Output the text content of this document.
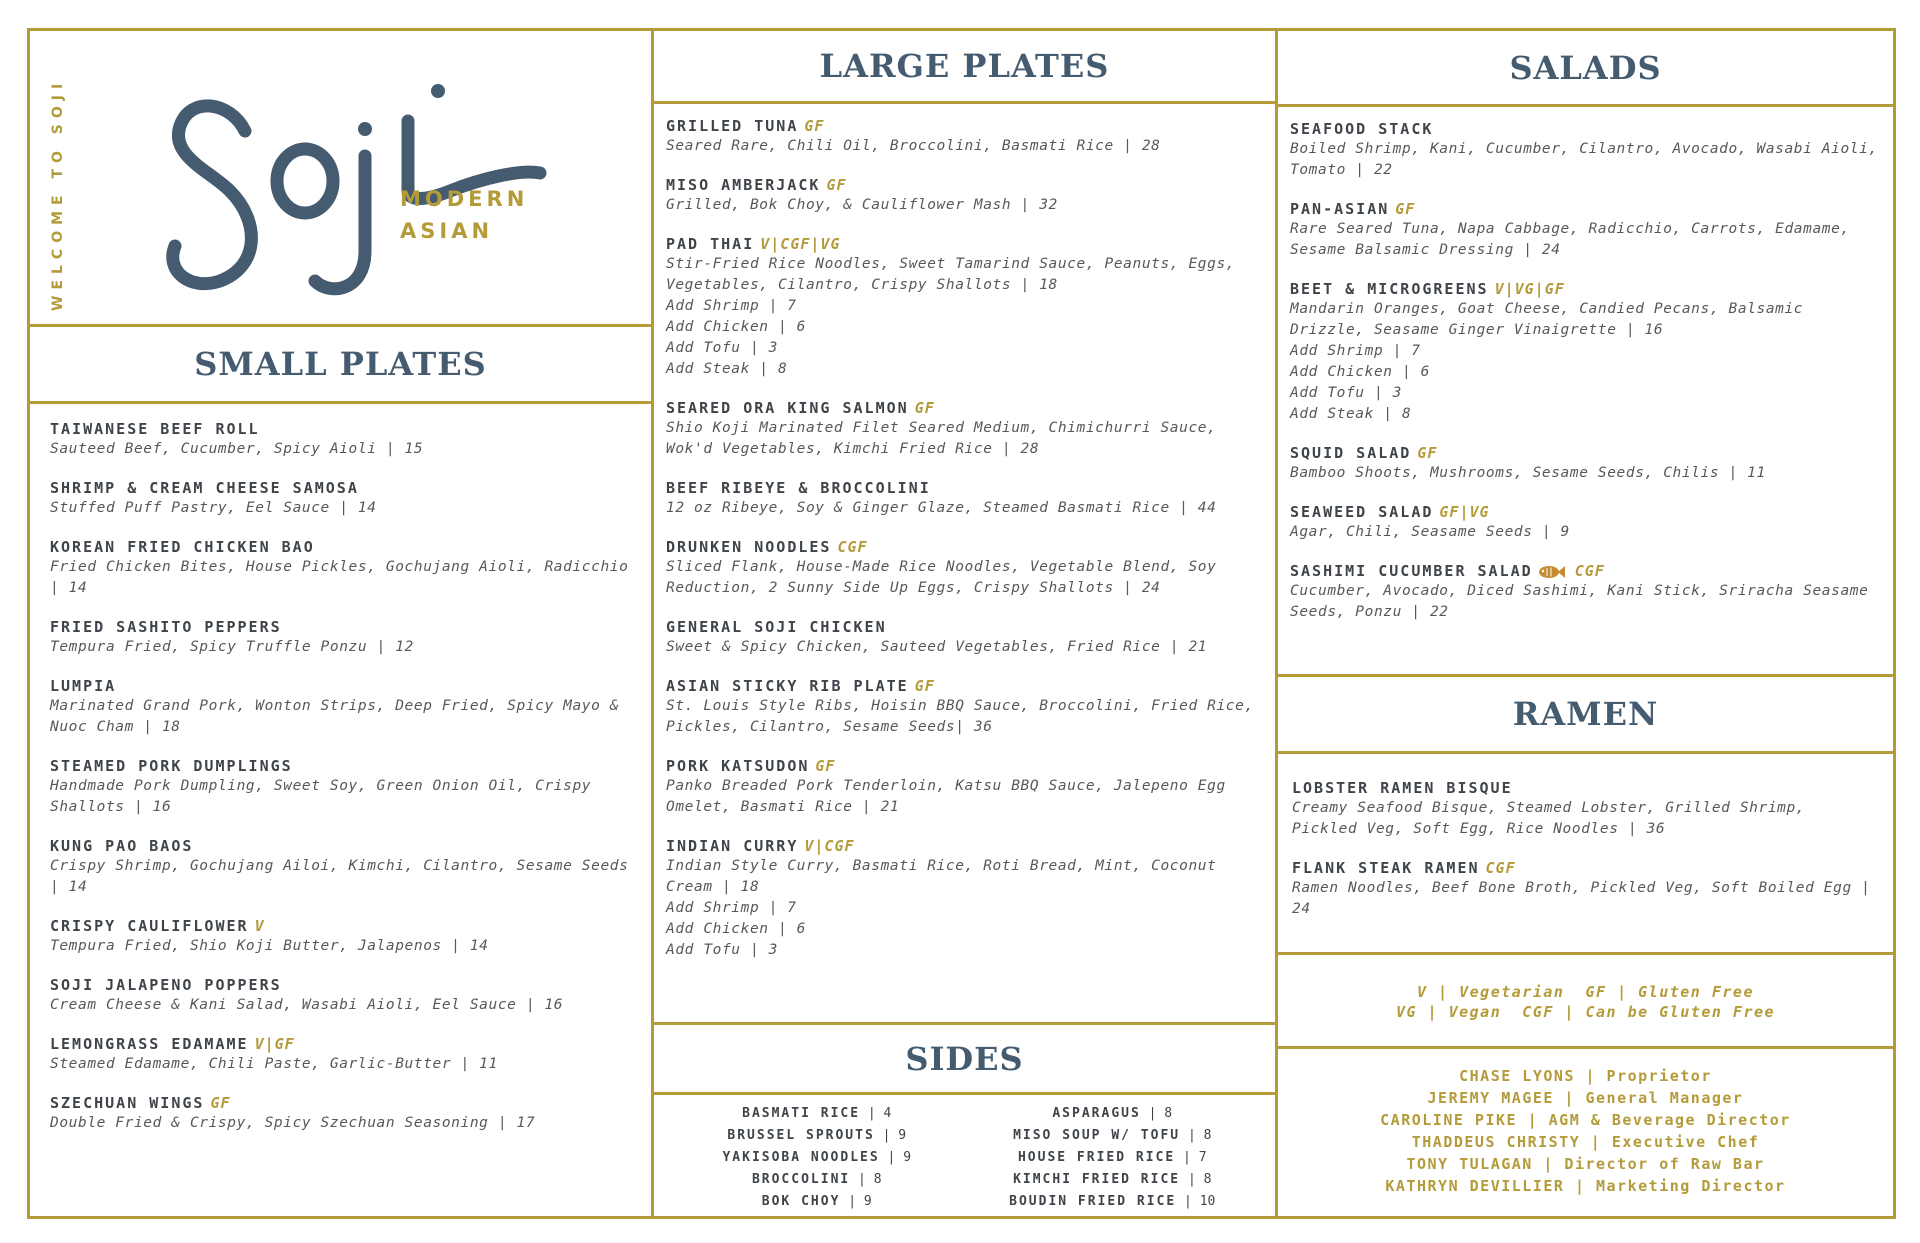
WELCOME TO SOJI	MODERN
ASIAN
SMALL PLATES
TAIWANESE BEEF ROLL
Sauteed Beef, Cucumber, Spicy Aioli | 15
SHRIMP & CREAM CHEESE SAMOSA
Stuffed Puff Pastry, Eel Sauce | 14
KOREAN FRIED CHICKEN BAO
Fried Chicken Bites, House Pickles, Gochujang Aioli, Radicchio | 14
FRIED SASHITO PEPPERS
Tempura Fried, Spicy Truffle Ponzu | 12
LUMPIA
Marinated Grand Pork, Wonton Strips, Deep Fried, Spicy Mayo & Nuoc Cham | 18
STEAMED PORK DUMPLINGS
Handmade Pork Dumpling, Sweet Soy, Green Onion Oil, Crispy Shallots | 16
KUNG PAO BAOS
Crispy Shrimp, Gochujang Ailoi, Kimchi, Cilantro, Sesame Seeds | 14
CRISPY CAULIFLOWER V
Tempura Fried, Shio Koji Butter, Jalapenos | 14
SOJI JALAPENO POPPERS
Cream Cheese & Kani Salad, Wasabi Aioli, Eel Sauce | 16
LEMONGRASS EDAMAME V|GF
Steamed Edamame, Chili Paste, Garlic-Butter | 11
SZECHUAN WINGS GF
Double Fried & Crispy, Spicy Szechuan Seasoning | 17
LARGE PLATES
GRILLED TUNA GF
Seared Rare, Chili Oil, Broccolini, Basmati Rice | 28
MISO AMBERJACK GF
Grilled, Bok Choy, & Cauliflower Mash | 32
PAD THAI V|CGF|VG
Stir-Fried Rice Noodles, Sweet Tamarind Sauce, Peanuts, Eggs, Vegetables, Cilantro, Crispy Shallots | 18
Add Shrimp | 7
Add Chicken | 6
Add Tofu | 3
Add Steak | 8
SEARED ORA KING SALMON GF
Shio Koji Marinated Filet Seared Medium, Chimichurri Sauce, Wok'd Vegetables, Kimchi Fried Rice | 28
BEEF RIBEYE & BROCCOLINI
12 oz Ribeye, Soy & Ginger Glaze, Steamed Basmati Rice | 44
DRUNKEN NOODLES CGF
Sliced Flank, House-Made Rice Noodles, Vegetable Blend, Soy Reduction, 2 Sunny Side Up Eggs, Crispy Shallots | 24
GENERAL SOJI CHICKEN
Sweet & Spicy Chicken, Sauteed Vegetables, Fried Rice | 21
ASIAN STICKY RIB PLATE GF
St. Louis Style Ribs, Hoisin BBQ Sauce, Broccolini, Fried Rice, Pickles, Cilantro, Sesame Seeds| 36
PORK KATSUDON GF
Panko Breaded Pork Tenderloin, Katsu BBQ Sauce, Jalepeno Egg Omelet, Basmati Rice | 21
INDIAN CURRY V|CGF
Indian Style Curry, Basmati Rice, Roti Bread, Mint, Coconut Cream | 18
Add Shrimp | 7
Add Chicken | 6
Add Tofu | 3
SIDES
BASMATI RICE | 4
BRUSSEL SPROUTS | 9
YAKISOBA NOODLES | 9
BROCCOLINI | 8
BOK CHOY | 9
ASPARAGUS | 8
MISO SOUP W/ TOFU | 8
HOUSE FRIED RICE | 7
KIMCHI FRIED RICE | 8
BOUDIN FRIED RICE | 10
SALADS
SEAFOOD STACK
Boiled Shrimp, Kani, Cucumber, Cilantro, Avocado, Wasabi Aioli, Tomato | 22
PAN-ASIAN GF
Rare Seared Tuna, Napa Cabbage, Radicchio, Carrots, Edamame, Sesame Balsamic Dressing | 24
BEET & MICROGREENS V|VG|GF
Mandarin Oranges, Goat Cheese, Candied Pecans, Balsamic Drizzle, Seasame Ginger Vinaigrette | 16
Add Shrimp | 7
Add Chicken | 6
Add Tofu | 3
Add Steak | 8
SQUID SALAD GF
Bamboo Shoots, Mushrooms, Sesame Seeds, Chilis | 11
SEAWEED SALAD GF|VG
Agar, Chili, Seasame Seeds | 9
SASHIMI CUCUMBER SALAD	CGF
Cucumber, Avocado, Diced Sashimi, Kani Stick, Sriracha Seasame Seeds, Ponzu | 22
RAMEN
LOBSTER RAMEN BISQUE
Creamy Seafood Bisque, Steamed Lobster, Grilled Shrimp, Pickled Veg, Soft Egg, Rice Noodles | 36
FLANK STEAK RAMEN CGF
Ramen Noodles, Beef Bone Broth, Pickled Veg, Soft Boiled Egg | 24
V | Vegetarian  GF | Gluten Free
VG | Vegan  CGF | Can be Gluten Free
CHASE LYONS | Proprietor
JEREMY MAGEE | General Manager
CAROLINE PIKE | AGM & Beverage Director
THADDEUS CHRISTY | Executive Chef
TONY TULAGAN | Director of Raw Bar
KATHRYN DEVILLIER | Marketing Director
